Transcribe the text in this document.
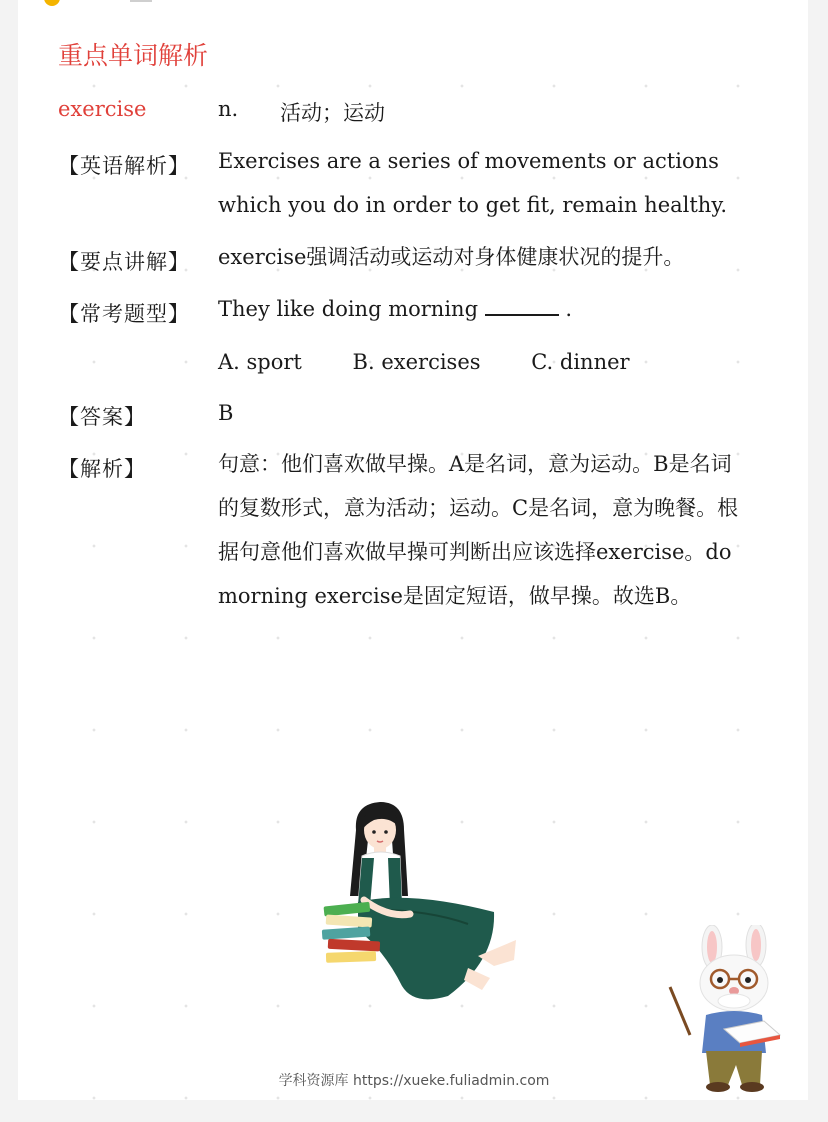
重点单词解析
exercise	n. 活动；运动
【英语解析】 Exercises are a series of movements or actions which you do in order to get fit, remain healthy.
【要点讲解】 exercise强调活动或运动对身体健康状况的提升。
【常考题型】 They like doing morning	.
A. sport B. exercises C. dinner
【答案】	B
【解析】	句意：他们喜欢做早操。A是名词，意为运动。B是名词的复数形式，意为活动；运动。C是名词，意为晚餐。根据句意他们喜欢做早操可判断出应该选择exercise。do morning exercise是固定短语，做早操。故选B。
学科资源库 https://xueke.fuliadmin.com
